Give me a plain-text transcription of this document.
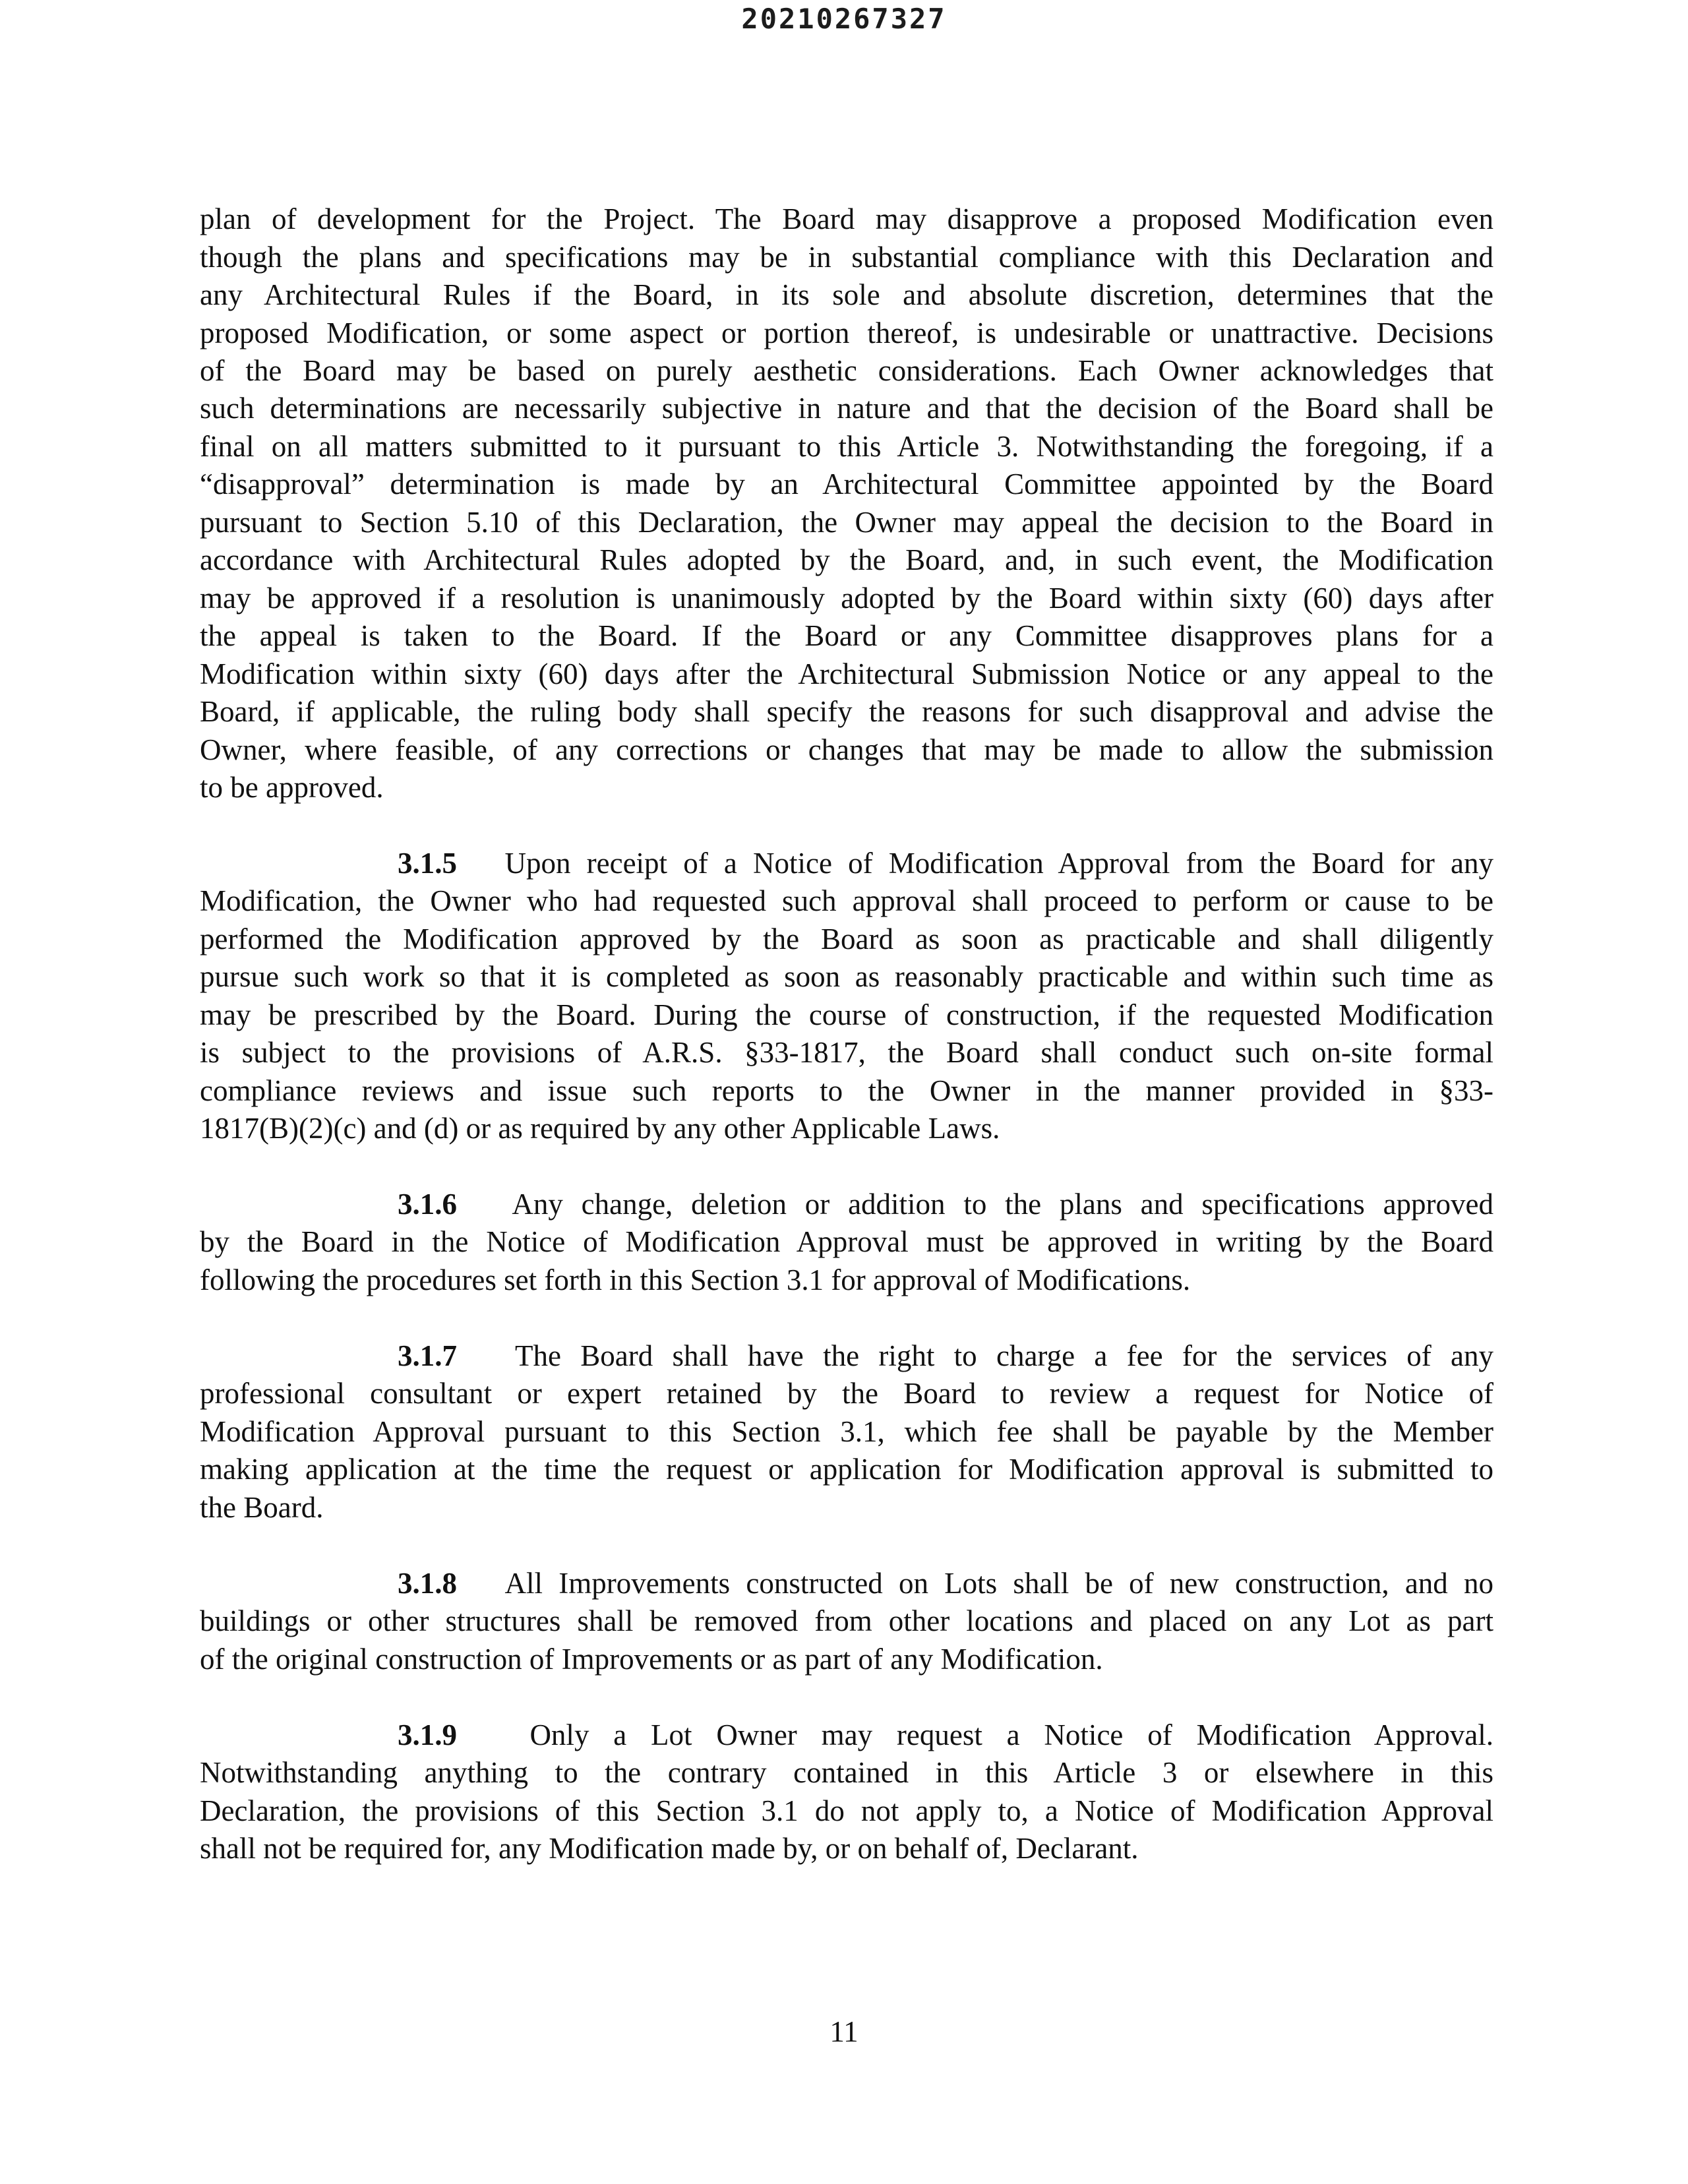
20210267327
plan of development for the Project. The Board may disapprove a proposed Modification even
though the plans and specifications may be in substantial compliance with this Declaration and
any Architectural Rules if the Board, in its sole and absolute discretion, determines that the
proposed Modification, or some aspect or portion thereof, is undesirable or unattractive. Decisions
of the Board may be based on purely aesthetic considerations. Each Owner acknowledges that
such determinations are necessarily subjective in nature and that the decision of the Board shall be
final on all matters submitted to it pursuant to this Article 3. Notwithstanding the foregoing, if a
“disapproval” determination is made by an Architectural Committee appointed by the Board
pursuant to Section 5.10 of this Declaration, the Owner may appeal the decision to the Board in
accordance with Architectural Rules adopted by the Board, and, in such event, the Modification
may be approved if a resolution is unanimously adopted by the Board within sixty (60) days after
the appeal is taken to the Board. If the Board or any Committee disapproves plans for a
Modification within sixty (60) days after the Architectural Submission Notice or any appeal to the
Board, if applicable, the ruling body shall specify the reasons for such disapproval and advise the
Owner, where feasible, of any corrections or changes that may be made to allow the submission
to be approved.
3.1.5 Upon receipt of a Notice of Modification Approval from the Board for any
Modification, the Owner who had requested such approval shall proceed to perform or cause to be
performed the Modification approved by the Board as soon as practicable and shall diligently
pursue such work so that it is completed as soon as reasonably practicable and within such time as
may be prescribed by the Board. During the course of construction, if the requested Modification
is subject to the provisions of A.R.S. §33-1817, the Board shall conduct such on-site formal
compliance reviews and issue such reports to the Owner in the manner provided in §33-
1817(B)(2)(c) and (d) or as required by any other Applicable Laws.
3.1.6 Any change, deletion or addition to the plans and specifications approved
by the Board in the Notice of Modification Approval must be approved in writing by the Board
following the procedures set forth in this Section 3.1 for approval of Modifications.
3.1.7 The Board shall have the right to charge a fee for the services of any
professional consultant or expert retained by the Board to review a request for Notice of
Modification Approval pursuant to this Section 3.1, which fee shall be payable by the Member
making application at the time the request or application for Modification approval is submitted to
the Board.
3.1.8 All Improvements constructed on Lots shall be of new construction, and no
buildings or other structures shall be removed from other locations and placed on any Lot as part
of the original construction of Improvements or as part of any Modification.
3.1.9 Only a Lot Owner may request a Notice of Modification Approval.
Notwithstanding anything to the contrary contained in this Article 3 or elsewhere in this
Declaration, the provisions of this Section 3.1 do not apply to, a Notice of Modification Approval
shall not be required for, any Modification made by, or on behalf of, Declarant.
11
